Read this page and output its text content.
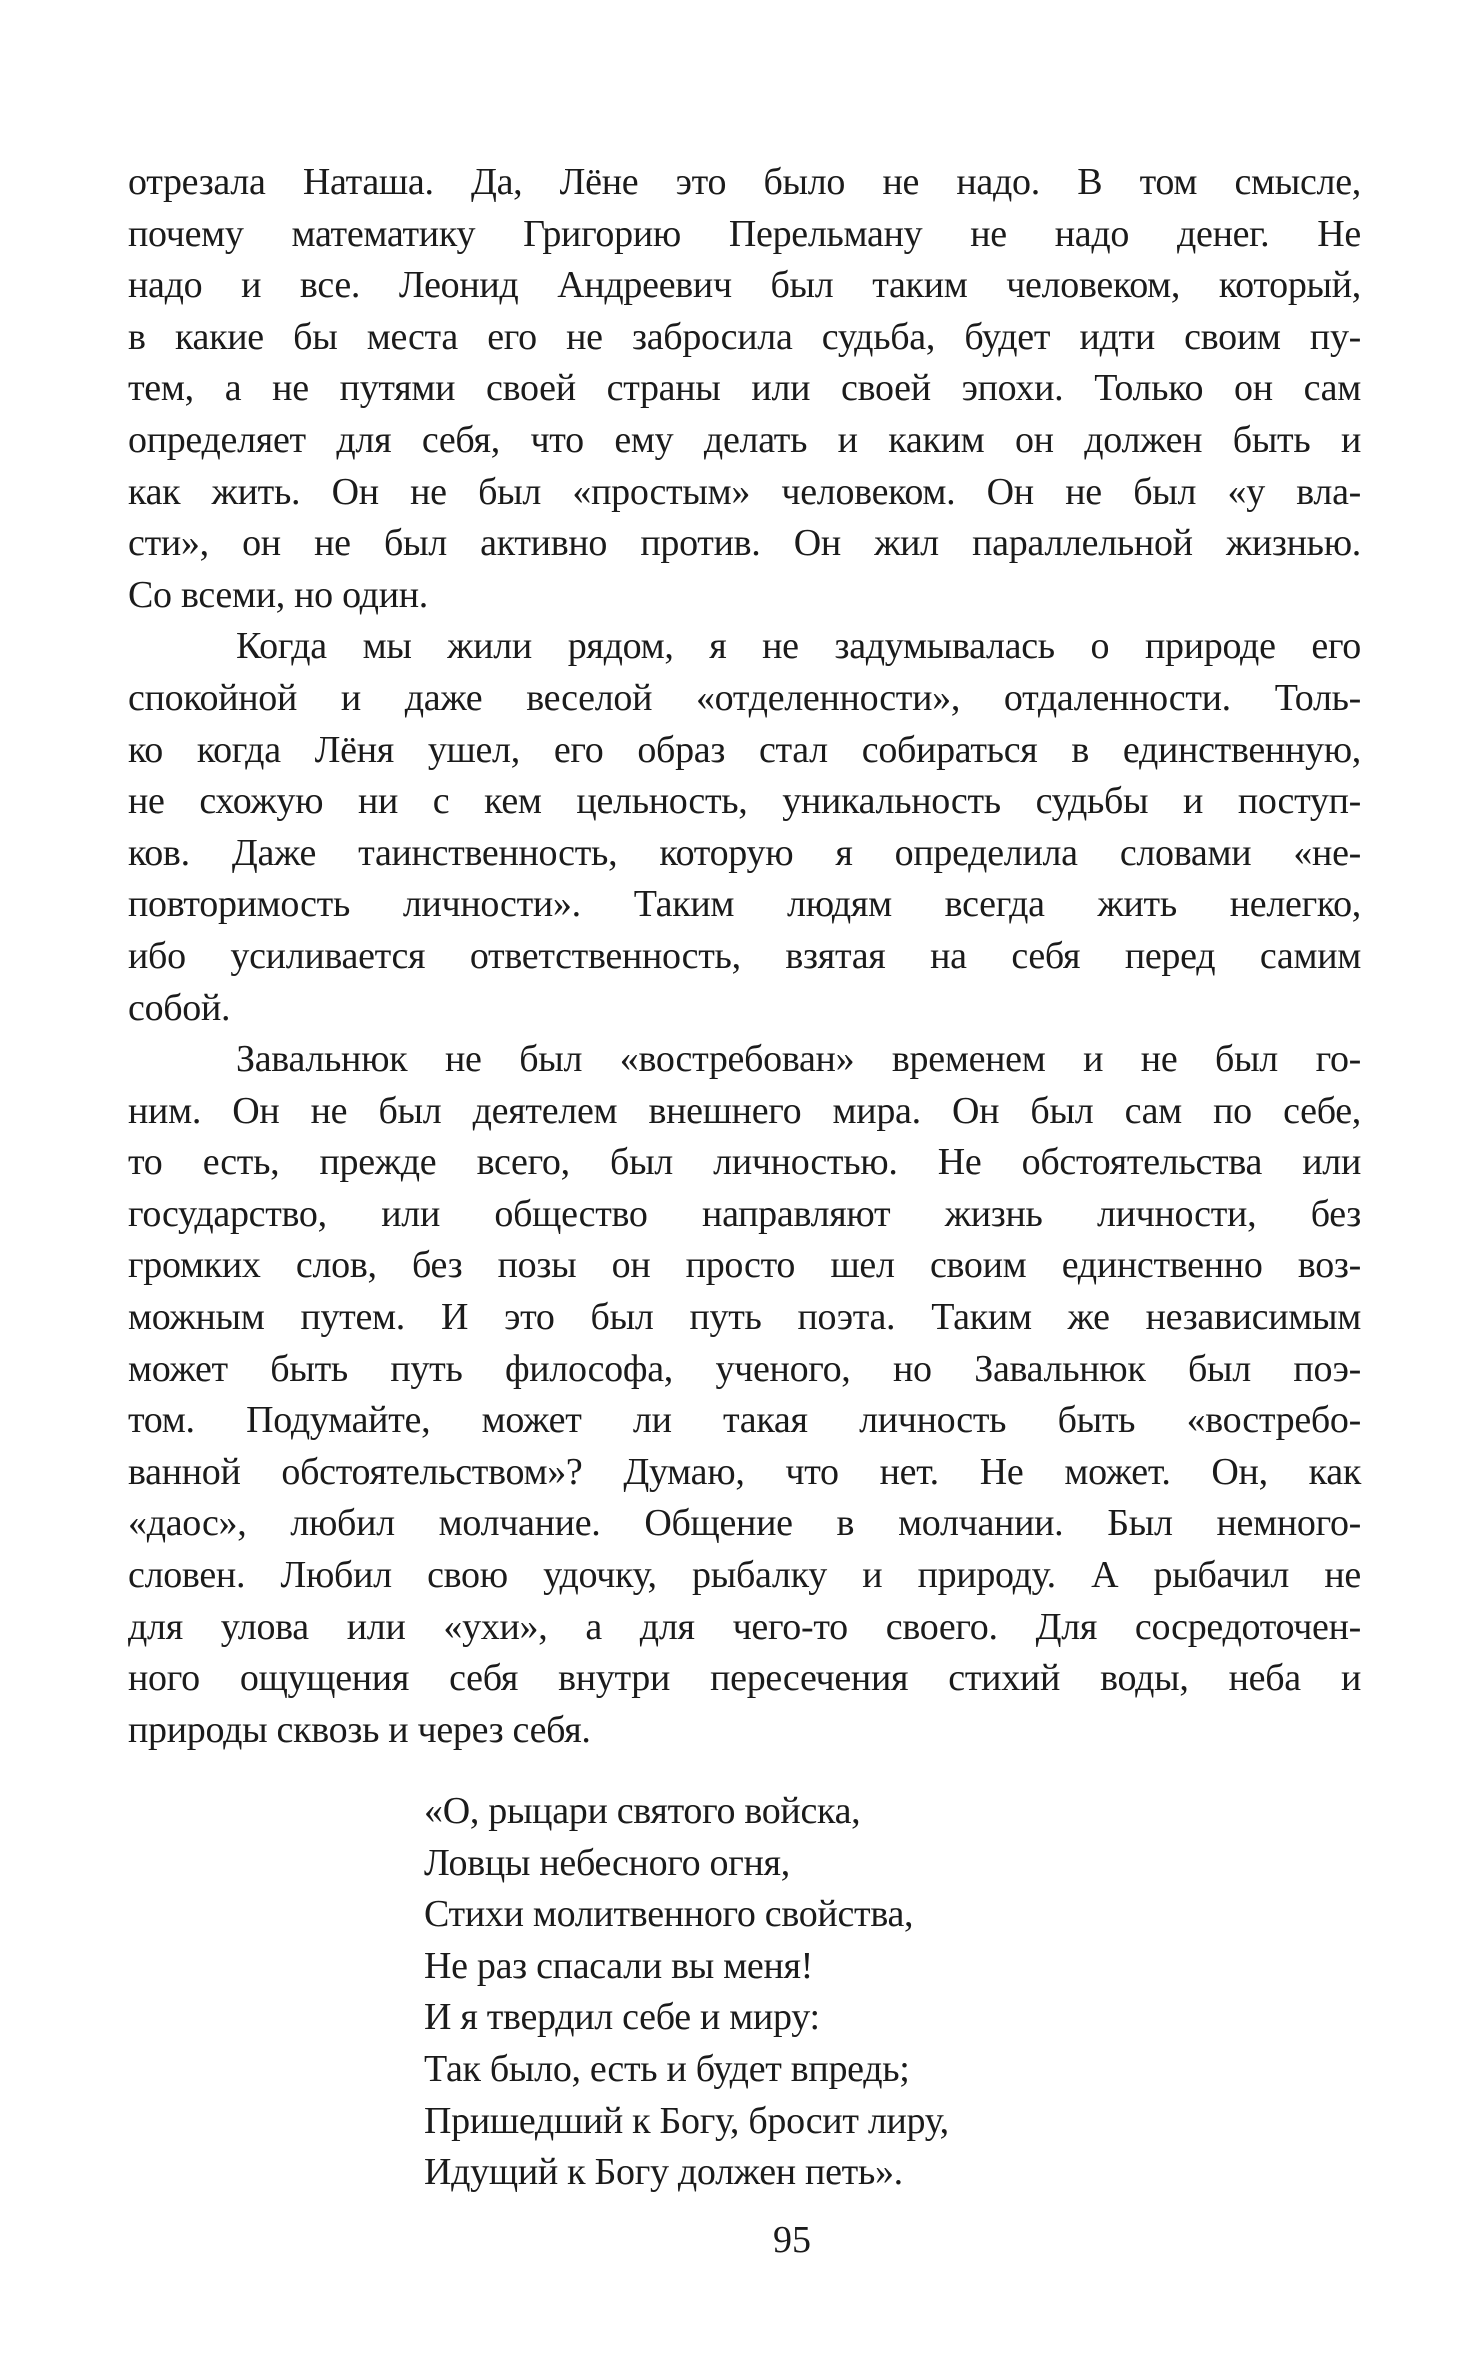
отрезала Наташа. Да, Лёне это было не надо. В том смысле,
почему математику Григорию Перельману не надо денег. Не
надо и все. Леонид Андреевич был таким человеком, который,
в какие бы места его не забросила судьба, будет идти своим пу-
тем, а не путями своей страны или своей эпохи. Только он сам
определяет для себя, что ему делать и каким он должен быть и
как жить. Он не был «простым» человеком. Он не был «у вла-
сти», он не был активно против. Он жил параллельной жизнью.
Со всеми, но один.
Когда мы жили рядом, я не задумывалась о природе его
спокойной и даже веселой «отделенности», отдаленности. Толь-
ко когда Лёня ушел, его образ стал собираться в единственную,
не схожую ни с кем цельность, уникальность судьбы и поступ-
ков. Даже таинственность, которую я определила словами «не-
повторимость личности». Таким людям всегда жить нелегко,
ибо усиливается ответственность, взятая на себя перед самим
собой.
Завальнюк не был «востребован» временем и не был го-
ним. Он не был деятелем внешнего мира. Он был сам по себе,
то есть, прежде всего, был личностью. Не обстоятельства или
государство, или общество направляют жизнь личности, без
громких слов, без позы он просто шел своим единственно воз-
можным путем. И это был путь поэта. Таким же независимым
может быть путь философа, ученого, но Завальнюк был поэ-
том. Подумайте, может ли такая личность быть «востребо-
ванной обстоятельством»? Думаю, что нет. Не может. Он, как
«даос», любил молчание. Общение в молчании. Был немного-
словен. Любил свою удочку, рыбалку и природу. А рыбачил не
для улова или «ухи», а для чего-то своего. Для сосредоточен-
ного ощущения себя внутри пересечения стихий воды, неба и
природы сквозь и через себя.
«О, рыцари святого войска,
Ловцы небесного огня,
Стихи молитвенного свойства,
Не раз спасали вы меня!
И я твердил себе и миру:
Так было, есть и будет впредь;
Пришедший к Богу, бросит лиру,
Идущий к Богу должен петь».
95
